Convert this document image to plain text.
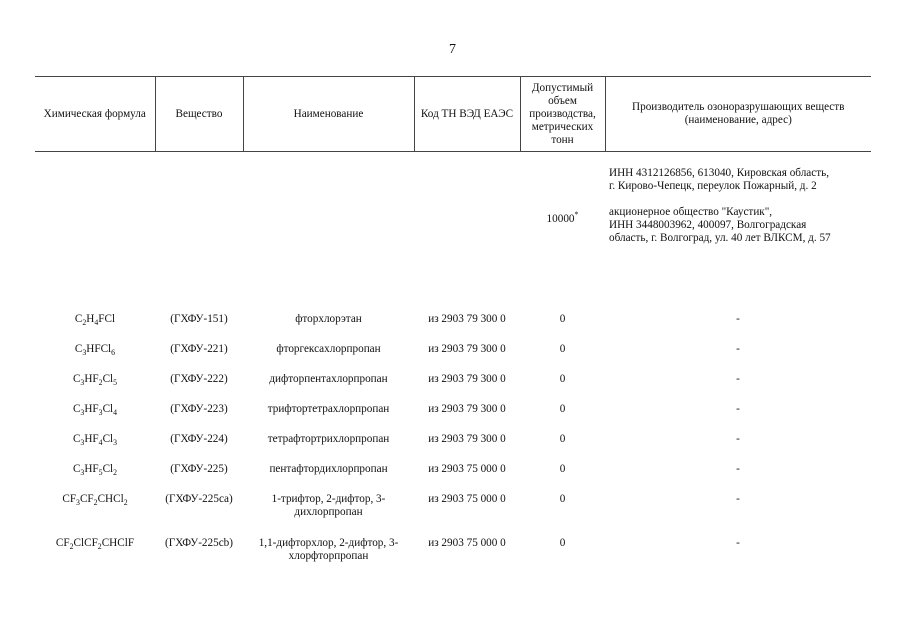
7
Химическая формула	Вещество	Наименование	Код ТН ВЭД ЕАЭС	Допустимый объем производства, метрических тонн	Производитель озоноразрушающих веществ (наименование, адрес)
				10000*	ИНН 4312126856, 613040, Кировская область,
г. Кирово-Чепецк, переулок Пожарный, д. 2
акционерное общество "Каустик",
ИНН 3448003962, 400097, Волгоградская
область, г. Волгоград, ул. 40 лет ВЛКСМ, д. 57

$C_2H_4FCl$	(ГХФУ-151)	фторхлорэтан	из 2903 79 300 0	0	-
$C_3HFCl_6$	(ГХФУ-221)	фторгексахлорпропан	из 2903 79 300 0	0	-
$C_3HF_2Cl_5$	(ГХФУ-222)	дифторпентахлорпропан	из 2903 79 300 0	0	-
$C_3HF_3Cl_4$	(ГХФУ-223)	трифтортетрахлорпропан	из 2903 79 300 0	0	-
$C_3HF_4Cl_3$	(ГХФУ-224)	тетрафтортрихлорпропан	из 2903 79 300 0	0	-
$C_3HF_5Cl_2$	(ГХФУ-225)	пентафтордихлорпропан	из 2903 75 000 0	0	-
$CF_3CF_2CHCl_2$	(ГХФУ-225са)	1-трифтор, 2-дифтор, 3-дихлорпропан	из 2903 75 000 0	0	-
$CF_2ClCF_2CHClF$	(ГХФУ-225cb)	1,1-дифторхлор, 2-дифтор, 3-хлорфторпропан	из 2903 75 000 0	0	-
